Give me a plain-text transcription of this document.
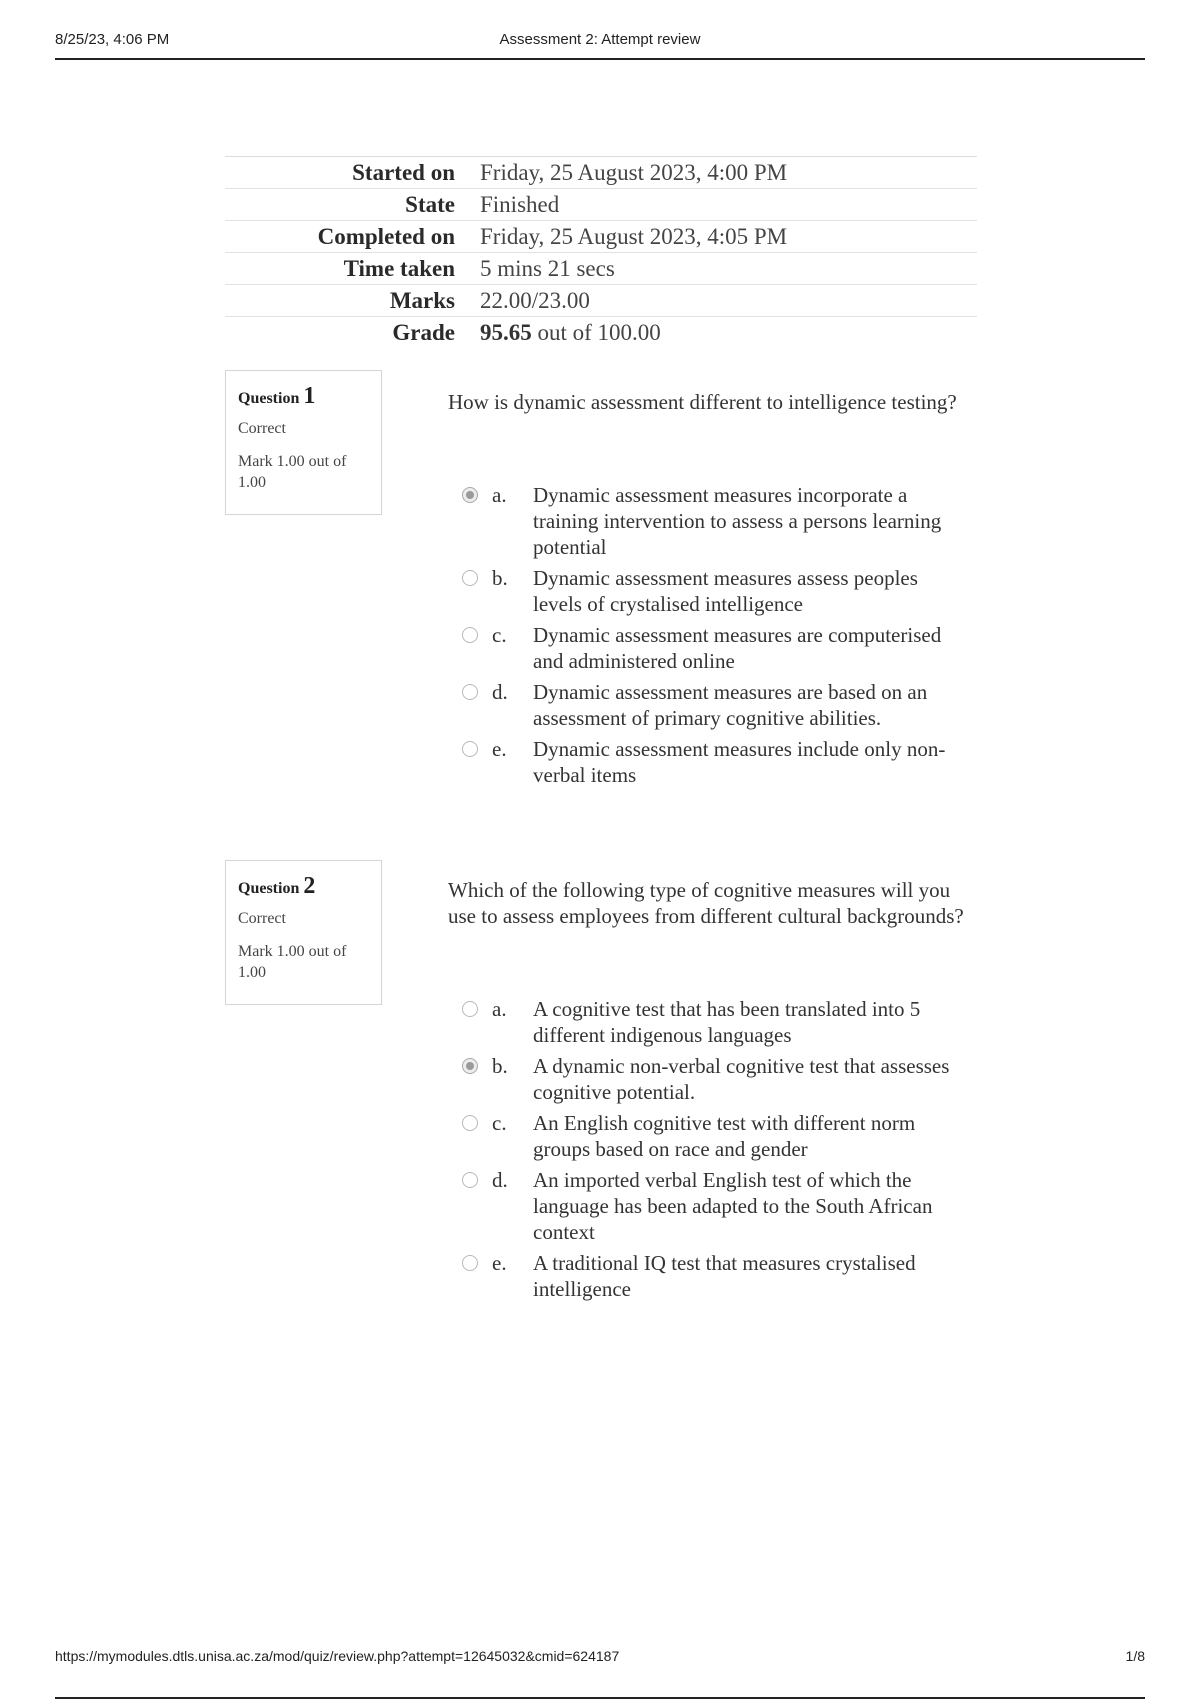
8/25/23, 4:06 PM	Assessment 2: Attempt review
Started on	Friday, 25 August 2023, 4:00 PM
State	Finished
Completed on	Friday, 25 August 2023, 4:05 PM
Time taken	5 mins 21 secs
Marks	22.00/23.00
Grade	95.65 out of 100.00
Question 1
Correct
Mark 1.00 out of 1.00
How is dynamic assessment different to intelligence testing?
a. Dynamic assessment measures incorporate a training intervention to assess a persons learning potential
b. Dynamic assessment measures assess peoples levels of crystalised intelligence
c. Dynamic assessment measures are computerised and administered online
d. Dynamic assessment measures are based on an assessment of primary cognitive abilities.
e. Dynamic assessment measures include only non-verbal items
Question 2
Correct
Mark 1.00 out of 1.00
Which of the following type of cognitive measures will you use to assess employees from different cultural backgrounds?
a. A cognitive test that has been translated into 5 different indigenous languages
b. A dynamic non-verbal cognitive test that assesses cognitive potential.
c. An English cognitive test with different norm groups based on race and gender
d. An imported verbal English test of which the language has been adapted to the South African context
e. A traditional IQ test that measures crystalised intelligence
https://mymodules.dtls.unisa.ac.za/mod/quiz/review.php?attempt=12645032&cmid=624187	1/8
